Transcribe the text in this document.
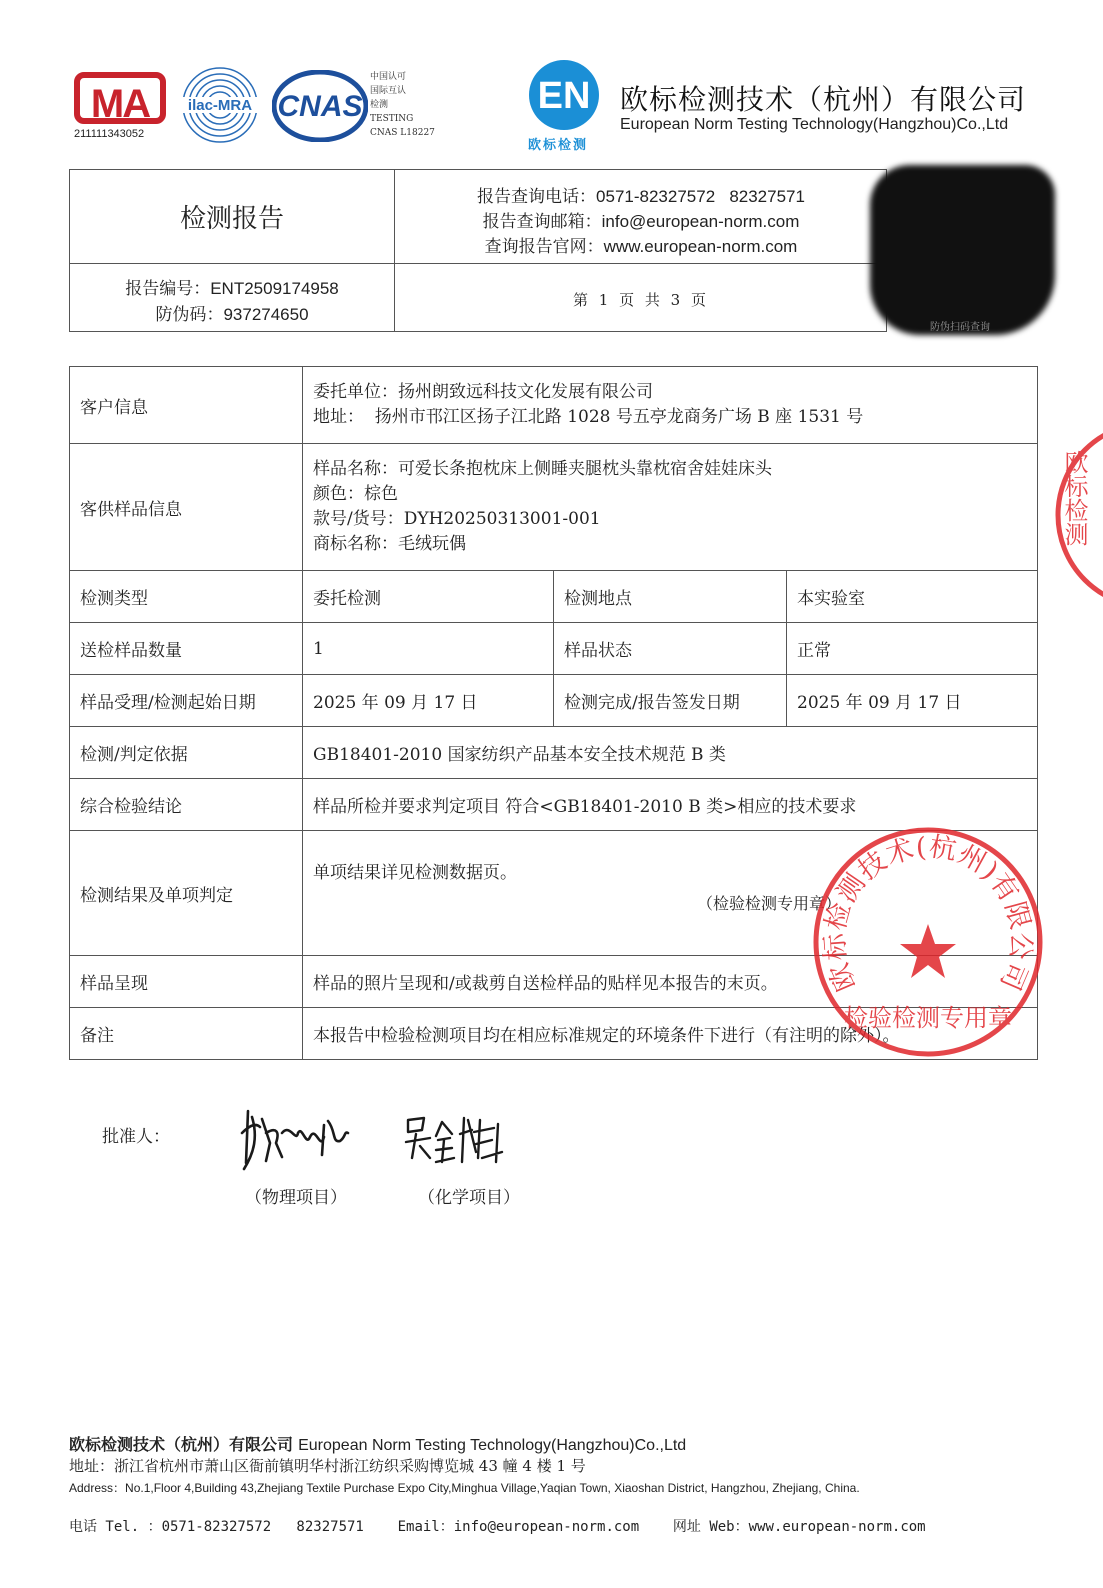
MA
211111343052
ilac-MRA CNAS
中国认可
国际互认
检测
TESTING
CNAS L18227
EN
欧标检测
欧标检测技术（杭州）有限公司
European Norm Testing Technology(Hangzhou)Co.,Ltd
检测报告
报告查询电话：0571-82327572   82327571
报告查询邮箱：info@european-norm.com
查询报告官网：www.european-norm.com
报告编号：ENT2509174958
防伪码：937274650
第 1 页 共 3 页
防伪扫码查询
客户信息	委托单位：扬州朗致远科技文化发展有限公司
地址：  扬州市邗江区扬子江北路 1028 号五亭龙商务广场 B 座 1531 号		

客供样品信息	样品名称：可爱长条抱枕床上侧睡夹腿枕头靠枕宿舍娃娃床头
颜色：棕色
款号/货号：DYH20250313001-001
商标名称：毛绒玩偶		

检测类型	委托检测	检测地点	本实验室
送检样品数量	1	样品状态	正常
样品受理/检测起始日期	2025 年 09 月 17 日	检测完成/报告签发日期	2025 年 09 月 17 日
检测/判定依据	GB18401-2010 国家纺织产品基本安全技术规范 B 类		
综合检验结论	样品所检并要求判定项目 符合<GB18401-2010 B 类>相应的技术要求		
检测结果及单项判定	单项结果详见检测数据页。
（检验检测专用章）		

样品呈现	样品的照片呈现和/或裁剪自送检样品的贴样见本报告的末页。		
备注	本报告中检验检测项目均在相应标准规定的环境条件下进行（有注明的除外）。		
欧标检测技术(杭州)有限公司
检验检测专用章
欧标检测
批准人：
（物理项目）	（化学项目）
欧标检测技术（杭州）有限公司 European Norm Testing Technology(Hangzhou)Co.,Ltd
地址：浙江省杭州市萧山区衙前镇明华村浙江纺织采购博览城 43 幢 4 楼 1 号
Address：No.1,Floor 4,Building 43,Zhejiang Textile Purchase Expo City,Minghua Village,Yaqian Town, Xiaoshan District, Hangzhou, Zhejiang, China.

电话 Tel. ：0571-82327572   82327571 Email：info@european-norm.com 网址 Web：www.european-norm.com
